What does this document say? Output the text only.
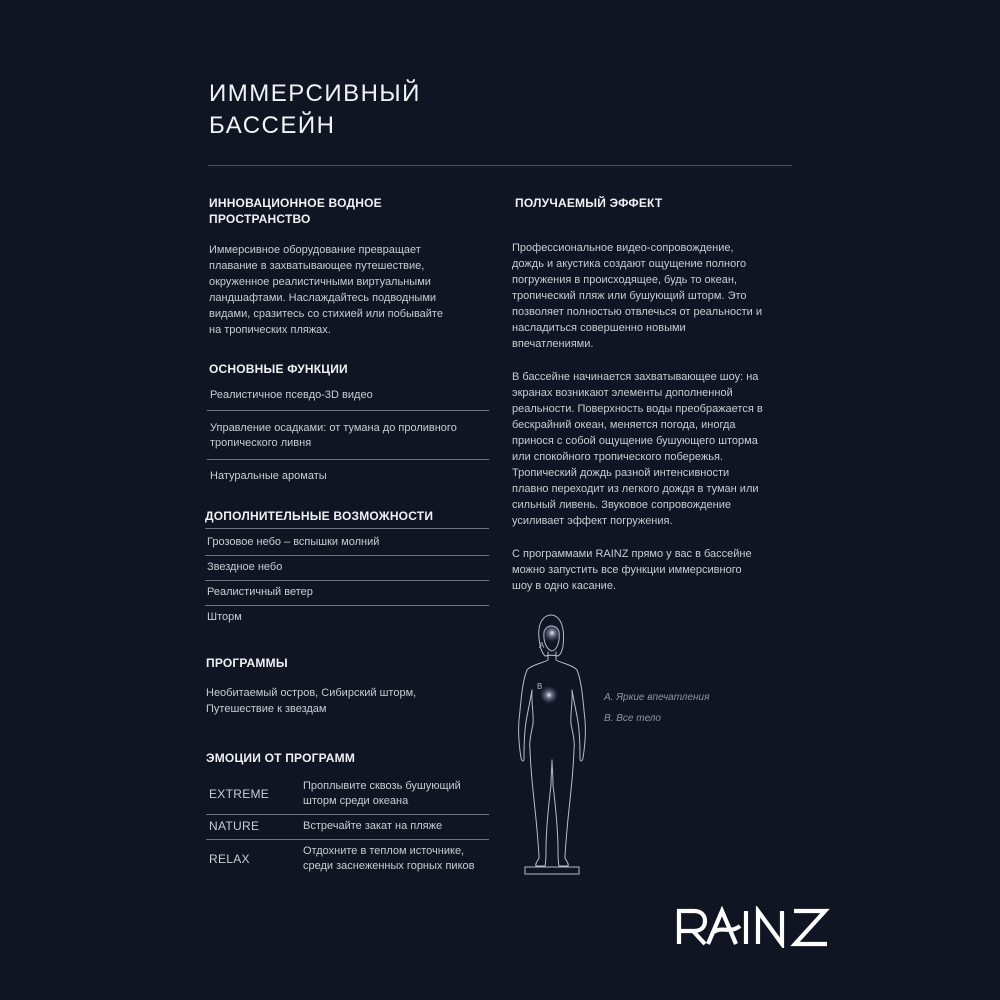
ИММЕРСИВНЫЙ
БАССЕЙН
ИННОВАЦИОННОЕ ВОДНОЕ
ПРОСТРАНСТВО
Иммерсивное оборудование превращает
плавание в захватывающее путешествие,
окруженное реалистичными виртуальными
ландшафтами. Наслаждайтесь подводными
видами, сразитесь со стихией или побывайте
на тропических пляжах.
ОСНОВНЫЕ ФУНКЦИИ
Реалистичное псевдо-3D видео
Управление осадками: от тумана до проливного
тропического ливня
Натуральные ароматы
ДОПОЛНИТЕЛЬНЫЕ ВОЗМОЖНОСТИ
Грозовое небо – вспышки молний
Звездное небо
Реалистичный ветер
Шторм
ПРОГРАММЫ
Необитаемый остров, Сибирский шторм,
Путешествие к звездам
ЭМОЦИИ ОТ ПРОГРАММ
EXTREME
Проплывите сквозь бушующий
шторм среди океана
NATURE	Встречайте закат на пляже
RELAX
Отдохните в теплом источнике,
среди заснеженных горных пиков
ПОЛУЧАЕМЫЙ ЭФФЕКТ
Профессиональное видео-сопровождение,
дождь и акустика создают ощущение полного
погружения в происходящее, будь то океан,
тропический пляж или бушующий шторм. Это
позволяет полностью отвлечься от реальности и
насладиться совершенно новыми
впечатлениями.
В бассейне начинается захватывающее шоу: на
экранах возникают элементы дополненной
реальности. Поверхность воды преображается в
бескрайний океан, меняется погода, иногда
принося с собой ощущение бушующего шторма
или спокойного тропического побережья.
Тропический дождь разной интенсивности
плавно переходит из легкого дождя в туман или
сильный ливень. Звуковое сопровождение
усиливает эффект погружения.
С программами RAINZ прямо у вас в бассейне
можно запустить все функции иммерсивного
шоу в одно касание.
А
B
А. Яркие впечатления
B. Все тело
